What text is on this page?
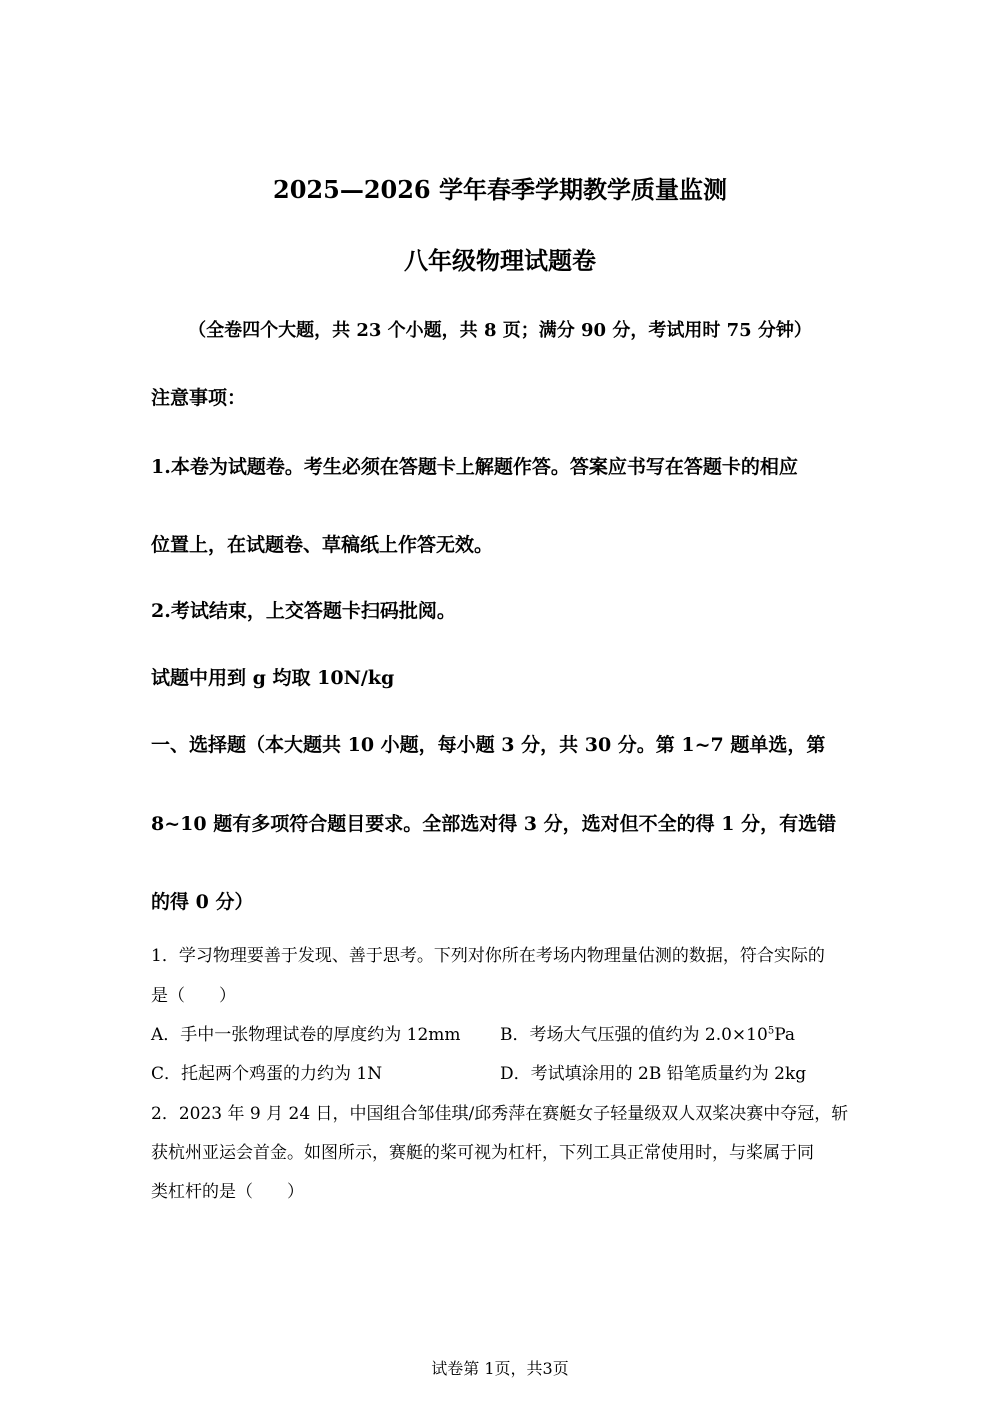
2025—2026 学年春季学期教学质量监测
八年级物理试题卷
（全卷四个大题，共 23 个小题，共 8 页；满分 90 分，考试用时 75 分钟）
注意事项：
1.本卷为试题卷。考生必须在答题卡上解题作答。答案应书写在答题卡的相应
位置上，在试题卷、草稿纸上作答无效。
2.考试结束，上交答题卡扫码批阅。
试题中用到 g 均取 10N/kg
一、选择题（本大题共 10 小题，每小题 3 分，共 30 分。第 1~7 题单选，第
8~10 题有多项符合题目要求。全部选对得 3 分，选对但不全的得 1 分，有选错
的得 0 分）
1．学习物理要善于发现、善于思考。下列对你所在考场内物理量估测的数据，符合实际的
是（　　）
A．手中一张物理试卷的厚度约为 12mm B．考场大气压强的值约为 $2.0\times 10^5Pa$
C．托起两个鸡蛋的力约为 1N	D．考试填涂用的 2B 铅笔质量约为 2kg
2．2023 年 9 月 24 日，中国组合邹佳琪/邱秀萍在赛艇女子轻量级双人双桨决赛中夺冠，斩
获杭州亚运会首金。如图所示，赛艇的桨可视为杠杆，下列工具正常使用时，与桨属于同
类杠杆的是（　　）
试卷第 1页，共3页
